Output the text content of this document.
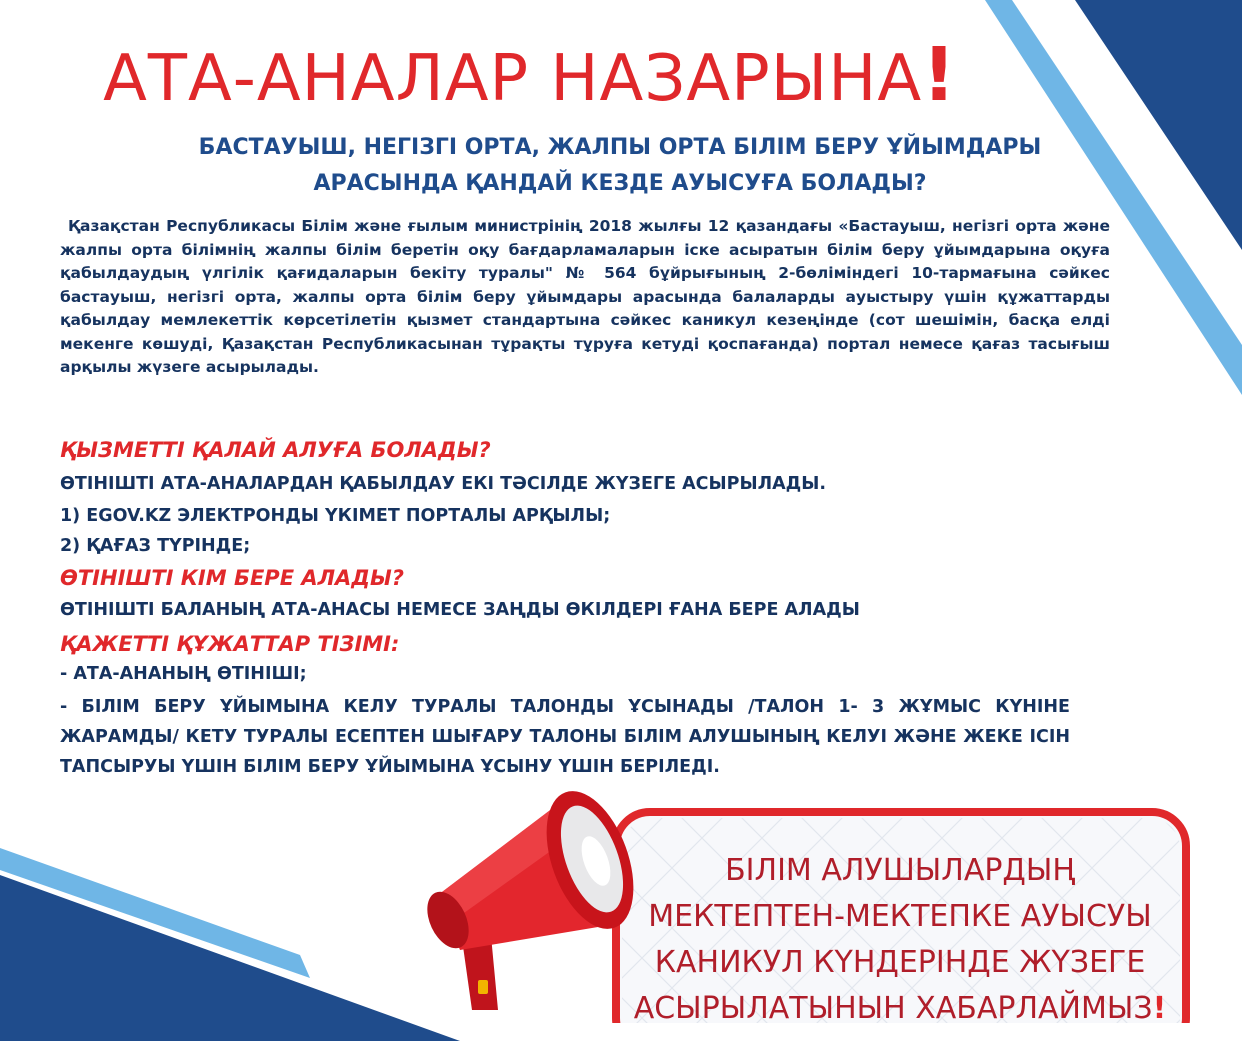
АТА-АНАЛАР НАЗАРЫНА!
БАСТАУЫШ, НЕГІЗГІ ОРТА, ЖАЛПЫ ОРТА БІЛІМ БЕРУ ҰЙЫМДАРЫ
АРАСЫНДА ҚАНДАЙ КЕЗДЕ АУЫСУҒА БОЛАДЫ?
Қазақстан Республикасы Білім және ғылым министрінің 2018 жылғы 12 қазандағы «Бастауыш, негізгі орта және жалпы орта білімнің жалпы білім беретін оқу бағдарламаларын іске асыратын білім беру ұйымдарына оқуға қабылдаудың үлгілік қағидаларын бекіту туралы" № 564 бұйрығының 2-бөліміндегі 10-тармағына сәйкес бастауыш, негізгі орта, жалпы орта білім беру ұйымдары арасында балаларды ауыстыру үшін құжаттарды қабылдау мемлекеттік көрсетілетін қызмет стандартына сәйкес каникул кезеңінде (сот шешімін, басқа елді мекенге көшуді, Қазақстан Республикасынан тұрақты тұруға кетуді қоспағанда) портал немесе қағаз тасығыш арқылы жүзеге асырылады.
ҚЫЗМЕТТІ ҚАЛАЙ АЛУҒА БОЛАДЫ?
ӨТІНІШТІ АТА-АНАЛАРДАН ҚАБЫЛДАУ ЕКІ ТӘСІЛДЕ ЖҮЗЕГЕ АСЫРЫЛАДЫ.
1) EGOV.KZ ЭЛЕКТРОНДЫ ҮКІМЕТ ПОРТАЛЫ АРҚЫЛЫ;
2) ҚАҒАЗ ТҮРІНДЕ;
ӨТІНІШТІ КІМ БЕРЕ АЛАДЫ?
ӨТІНІШТІ БАЛАНЫҢ АТА-АНАСЫ НЕМЕСЕ ЗАҢДЫ ӨКІЛДЕРІ ҒАНА БЕРЕ АЛАДЫ
ҚАЖЕТТІ ҚҰЖАТТАР ТІЗІМІ:
- АТА-АНАНЫҢ ӨТІНІШІ;
- БІЛІМ БЕРУ ҰЙЫМЫНА КЕЛУ ТУРАЛЫ ТАЛОНДЫ ҰСЫНАДЫ /ТАЛОН 1- 3 ЖҰМЫС КҮНІНЕ ЖАРАМДЫ/ КЕТУ ТУРАЛЫ ЕСЕПТЕН ШЫҒАРУ ТАЛОНЫ БІЛІМ АЛУШЫНЫҢ КЕЛУІ ЖӘНЕ ЖЕКЕ ІСІН ТАПСЫРУЫ ҮШІН БІЛІМ БЕРУ ҰЙЫМЫНА ҰСЫНУ ҮШІН БЕРІЛЕДІ.
БІЛІМ АЛУШЫЛАРДЫҢ
МЕКТЕПТЕН-МЕКТЕПКЕ АУЫСУЫ
КАНИКУЛ КҮНДЕРІНДЕ ЖҮЗЕГЕ
АСЫРЫЛАТЫНЫН ХАБАРЛАЙМЫЗ!
